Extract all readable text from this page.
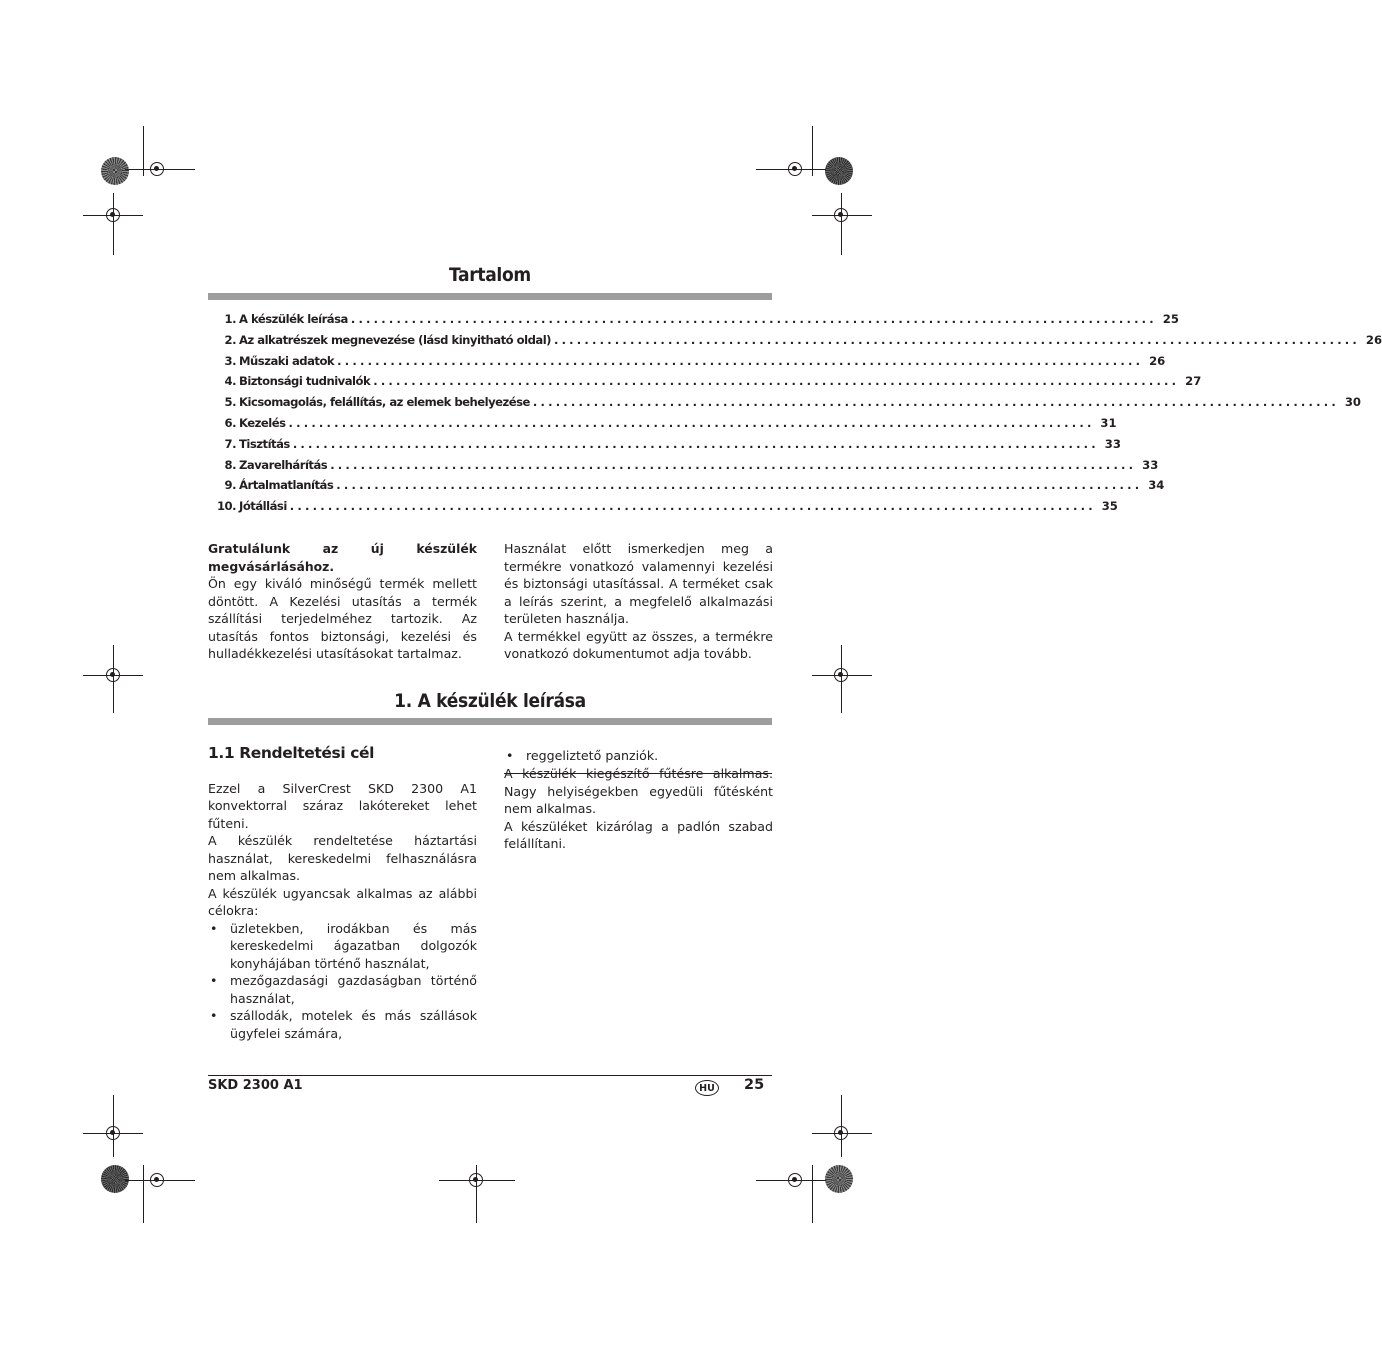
Tartalom
1. A készülék leírása .......................................................................................................... 25
2. Az alkatrészek megnevezése (lásd kinyitható oldal) .......................................................................................................... 26
3. Műszaki adatok .......................................................................................................... 26
4. Biztonsági tudnivalók .......................................................................................................... 27
5. Kicsomagolás, felállítás, az elemek behelyezése .......................................................................................................... 30
6. Kezelés .......................................................................................................... 31
7. Tisztítás .......................................................................................................... 33
8. Zavarelhárítás .......................................................................................................... 33
9. Ártalmatlanítás .......................................................................................................... 34
10. Jótállási .......................................................................................................... 35

Gratulálunk az új készülék megvásárlásához.

Ön egy kiváló minőségű termék mellett döntött. A Kezelési utasítás a termék szállítási terjedelméhez tartozik. Az utasítás fontos biztonsági, kezelési és hulladékkezelési utasításokat tartalmaz.

Használat előtt ismerkedjen meg a termékre vonatkozó valamennyi kezelési és biztonsági utasítással. A terméket csak a leírás szerint, a megfelelő alkalmazási területen használja.

A termékkel együtt az összes, a termékre vonatkozó dokumentumot adja tovább.

1. A készülék leírása
1.1 Rendeltetési cél

Ezzel a SilverCrest SKD 2300 A1 konvektorral száraz lakótereket lehet fűteni.

A készülék rendeltetése háztartási használat, kereskedelmi felhasználásra nem alkalmas.

A készülék ugyancsak alkalmas az alábbi célokra:

• üzletekben, irodákban és más kereskedelmi ágazatban dolgozók konyhájában történő használat,
• mezőgazdasági gazdaságban történő használat,
• szállodák, motelek és más szállások ügyfelei számára,
• reggeliztető panziók.

A készülék kiegészítő fűtésre alkalmas. Nagy helyiségekben egyedüli fűtésként nem alkalmas.

A készüléket kizárólag a padlón szabad felállítani.

SKD 2300 A1	HU 25
